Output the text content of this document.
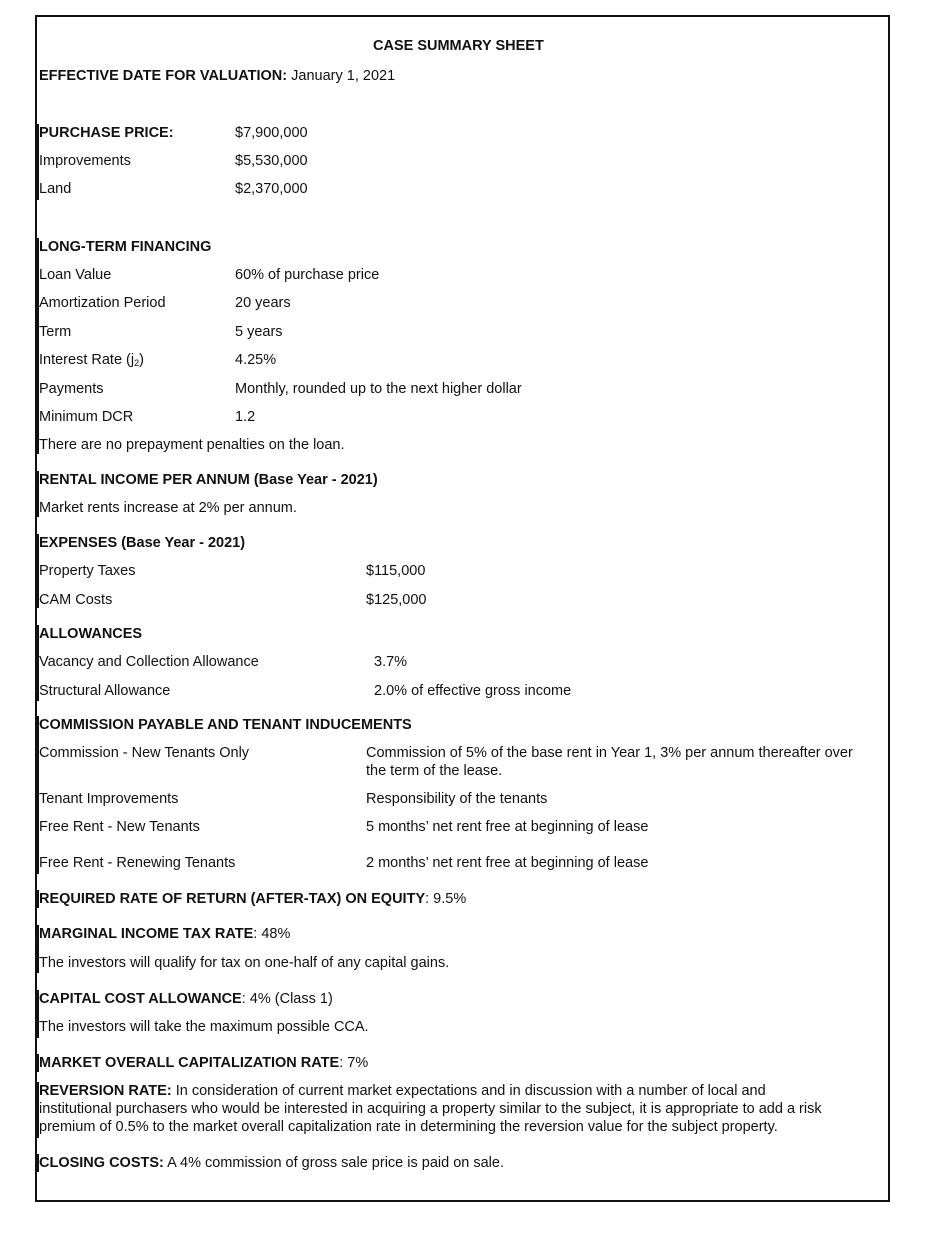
CASE SUMMARY SHEET
EFFECTIVE DATE FOR VALUATION: January 1, 2021
PURCHASE PRICE:	$7,900,000
Improvements	$5,530,000
Land	$2,370,000
LONG-TERM FINANCING
Loan Value	60% of purchase price
Amortization Period	20 years
Term	5 years
Interest Rate $(j_2)$	4.25%
Payments	Monthly, rounded up to the next higher dollar
Minimum DCR	1.2
There are no prepayment penalties on the loan.
RENTAL INCOME PER ANNUM (Base Year - 2021)
Market rents increase at 2% per annum.
EXPENSES (Base Year - 2021)
Property Taxes	$115,000
CAM Costs	$125,000
ALLOWANCES
Vacancy and Collection Allowance	3.7%
Structural Allowance	2.0% of effective gross income
COMMISSION PAYABLE AND TENANT INDUCEMENTS
Commission - New Tenants Only	Commission of 5% of the base rent in Year 1, 3% per annum thereafter over
the term of the lease.
Tenant Improvements	Responsibility of the tenants
Free Rent - New Tenants	5 months’ net rent free at beginning of lease
Free Rent - Renewing Tenants	2 months’ net rent free at beginning of lease
REQUIRED RATE OF RETURN (AFTER-TAX) ON EQUITY: 9.5%
MARGINAL INCOME TAX RATE: 48%
The investors will qualify for tax on one-half of any capital gains.
CAPITAL COST ALLOWANCE: 4% (Class 1)
The investors will take the maximum possible CCA.
MARKET OVERALL CAPITALIZATION RATE: 7%
REVERSION RATE: In consideration of current market expectations and in discussion with a number of local and
institutional purchasers who would be interested in acquiring a property similar to the subject, it is appropriate to add a risk
premium of 0.5% to the market overall capitalization rate in determining the reversion value for the subject property.
CLOSING COSTS: A 4% commission of gross sale price is paid on sale.
